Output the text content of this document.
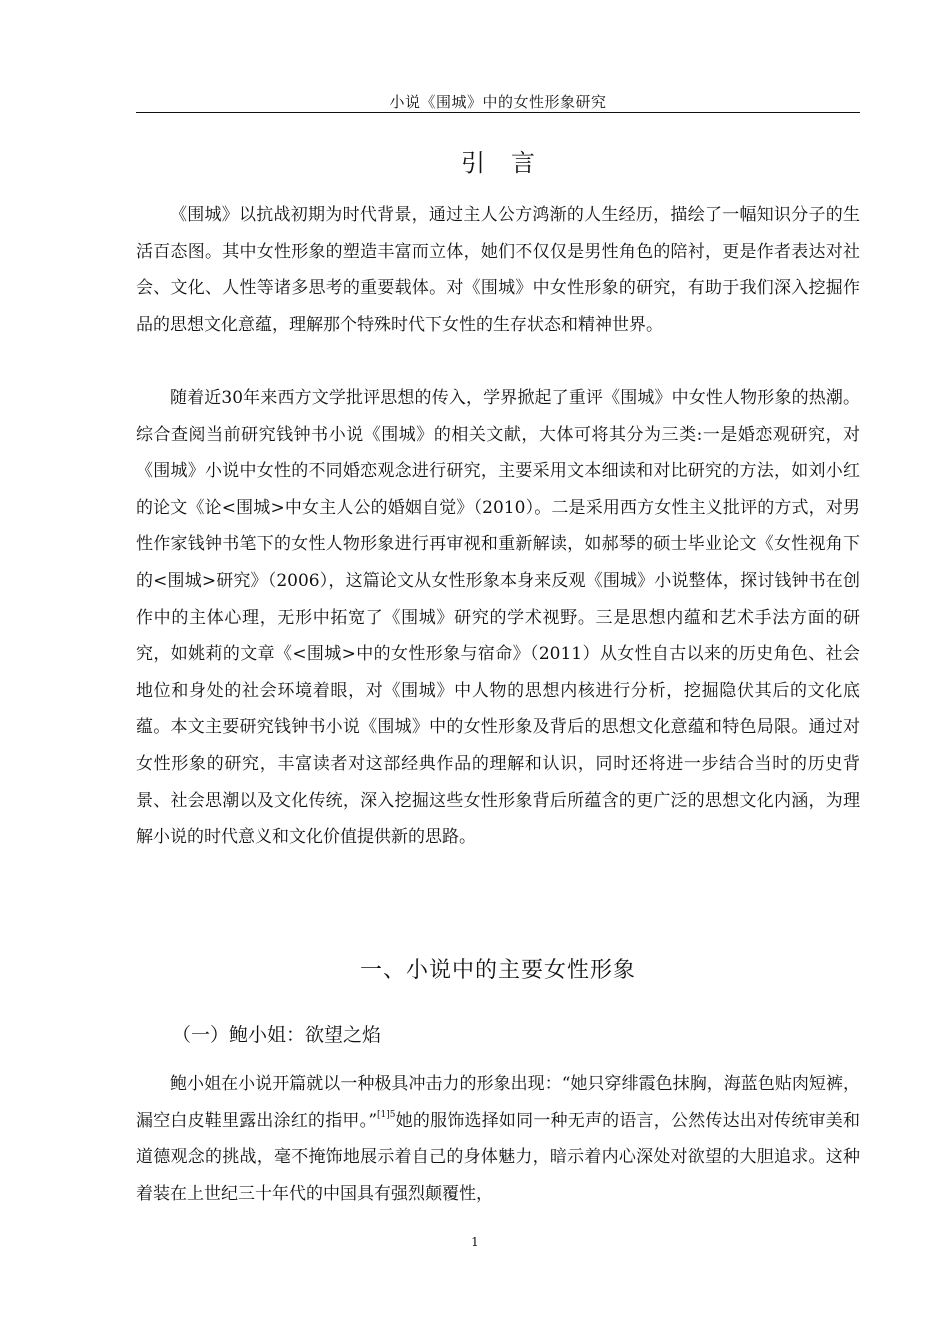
小说《围城》中的女性形象研究
引言

《围城》以抗战初期为时代背景，通过主人公方鸿渐的人生经历，描绘了一幅知识分子的生活百态图。其中女性形象的塑造丰富而立体，她们不仅仅是男性角色的陪衬，更是作者表达对社会、文化、人性等诸多思考的重要载体。对《围城》中女性形象的研究，有助于我们深入挖掘作品的思想文化意蕴，理解那个特殊时代下女性的生存状态和精神世界。

随着近30年来西方文学批评思想的传入，学界掀起了重评《围城》中女性人物形象的热潮。综合查阅当前研究钱钟书小说《围城》的相关文献，大体可将其分为三类:一是婚恋观研究，对《围城》小说中女性的不同婚恋观念进行研究，主要采用文本细读和对比研究的方法，如刘小红的论文《论<围城>中女主人公的婚姻自觉》（2010）。二是采用西方女性主义批评的方式，对男性作家钱钟书笔下的女性人物形象进行再审视和重新解读，如郝琴的硕士毕业论文《女性视角下的<围城>研究》（2006），这篇论文从女性形象本身来反观《围城》小说整体，探讨钱钟书在创作中的主体心理，无形中拓宽了《围城》研究的学术视野。三是思想内蕴和艺术手法方面的研究，如姚莉的文章《<围城>中的女性形象与宿命》（2011）从女性自古以来的历史角色、社会地位和身处的社会环境着眼，对《围城》中人物的思想内核进行分析，挖掘隐伏其后的文化底蕴。本文主要研究钱钟书小说《围城》中的女性形象及背后的思想文化意蕴和特色局限。通过对女性形象的研究，丰富读者对这部经典作品的理解和认识，同时还将进一步结合当时的历史背景、社会思潮以及文化传统，深入挖掘这些女性形象背后所蕴含的更广泛的思想文化内涵，为理解小说的时代意义和文化价值提供新的思路。

一、小说中的主要女性形象
（一）鲍小姐：欲望之焰

鲍小姐在小说开篇就以一种极具冲击力的形象出现：“她只穿绯霞色抹胸，海蓝色贴肉短裤，漏空白皮鞋里露出涂红的指甲。”$^{[1]5}$她的服饰选择如同一种无声的语言，公然传达出对传统审美和道德观念的挑战，毫不掩饰地展示着自己的身体魅力，暗示着内心深处对欲望的大胆追求。这种着装在上世纪三十年代的中国具有强烈颠覆性，

1
